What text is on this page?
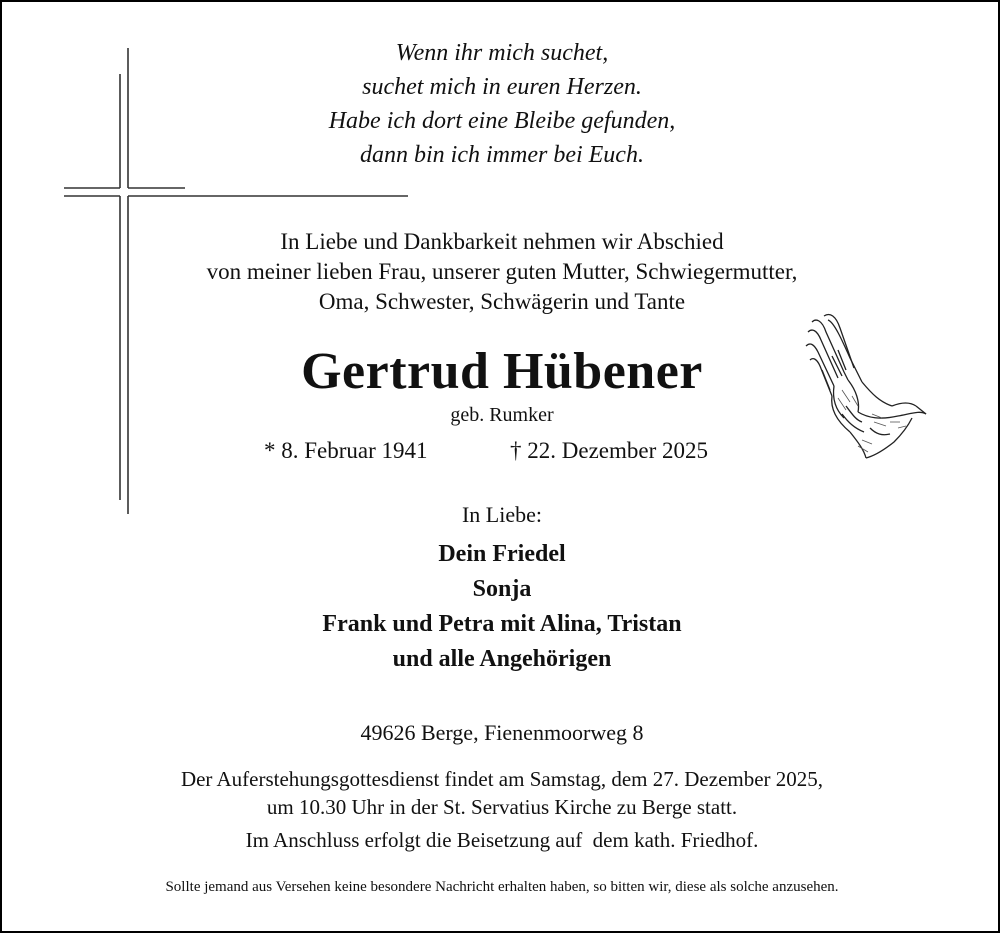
Wenn ihr mich suchet,
suchet mich in euren Herzen.
Habe ich dort eine Bleibe gefunden,
dann bin ich immer bei Euch.
In Liebe und Dankbarkeit nehmen wir Abschied
von meiner lieben Frau, unserer guten Mutter, Schwiegermutter,
Oma, Schwester, Schwägerin und Tante
Gertrud Hübener
geb. Rumker
* 8. Februar 1941	† 22. Dezember 2025
In Liebe:
Dein Friedel
Sonja
Frank und Petra mit Alina, Tristan
und alle Angehörigen
49626 Berge, Fienenmoorweg 8
Der Auferstehungsgottesdienst findet am Samstag, dem 27. Dezember 2025,
um 10.30 Uhr in der St. Servatius Kirche zu Berge statt.
Im Anschluss erfolgt die Beisetzung auf  dem kath. Friedhof.
Sollte jemand aus Versehen keine besondere Nachricht erhalten haben, so bitten wir, diese als solche anzusehen.
